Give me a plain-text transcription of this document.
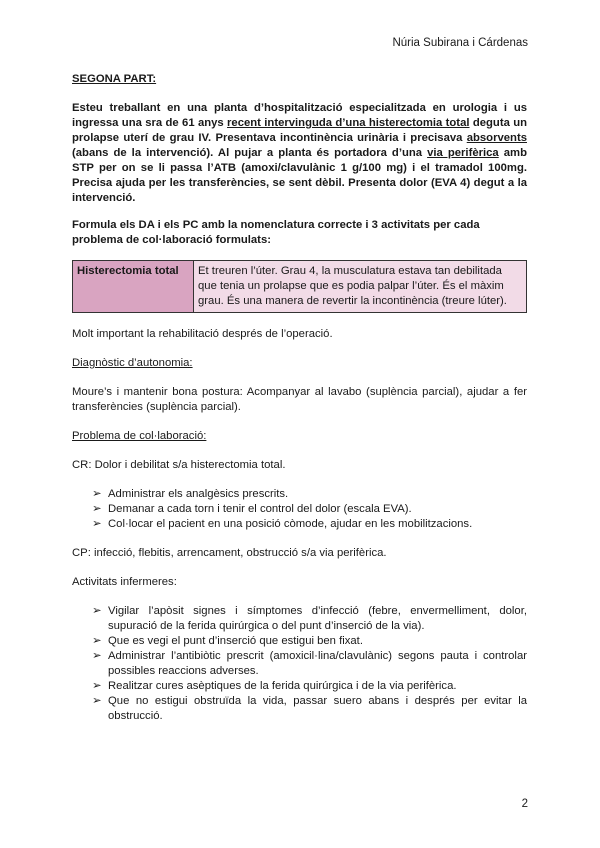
Núria Subirana i Cárdenas

SEGONA PART:

Esteu treballant en una planta d’hospitalització especialitzada en urologia i us ingressa una sra de 61 anys recent intervinguda d’una histerectomia total deguta un prolapse uterí de grau IV. Presentava incontinència urinària i precisava absorvents (abans de la intervenció). Al pujar a planta és portadora d’una via perifèrica amb STP per on se li passa l’ATB (amoxi/clavulànic 1 g/100 mg) i el tramadol 100mg. Precisa ajuda per les transferències, se sent dèbil. Presenta dolor (EVA 4) degut a la intervenció.

Formula els DA i els PC amb la nomenclatura correcte i 3 activitats per cada problema de col·laboració formulats:

Histerectomia total	Et treuren l’úter. Grau 4, la musculatura estava tan debilitada que tenia un prolapse que es podia palpar l’úter. És el màxim grau. És una manera de revertir la incontinència (treure lúter).

Molt important la rehabilitació després de l’operació.

Diagnòstic d’autonomia:

Moure’s i mantenir bona postura: Acompanyar al lavabo (suplència parcial), ajudar a fer transferències (suplència parcial).

Problema de col·laboració:

CR: Dolor i debilitat s/a histerectomia total.

➢ Administrar els analgèsics prescrits.
➢ Demanar a cada torn i tenir el control del dolor (escala EVA).
➢ Col·locar el pacient en una posició còmode, ajudar en les mobilitzacions.

CP: infecció, flebitis, arrencament, obstrucció s/a via perifèrica.

Activitats infermeres:

➢ Vigilar l’apòsit signes i símptomes d’infecció (febre, envermelliment, dolor, supuració de la ferida quirúrgica o del punt d’inserció de la via).
➢ Que es vegi el punt d’inserció que estigui ben fixat.
➢ Administrar l’antibiòtic prescrit (amoxicil·lina/clavulànic) segons pauta i controlar possibles reaccions adverses.
➢ Realitzar cures asèptiques de la ferida quirúrgica i de la via perifèrica.
➢ Que no estigui obstruïda la vida, passar suero abans i després per evitar la obstrucció.
2
